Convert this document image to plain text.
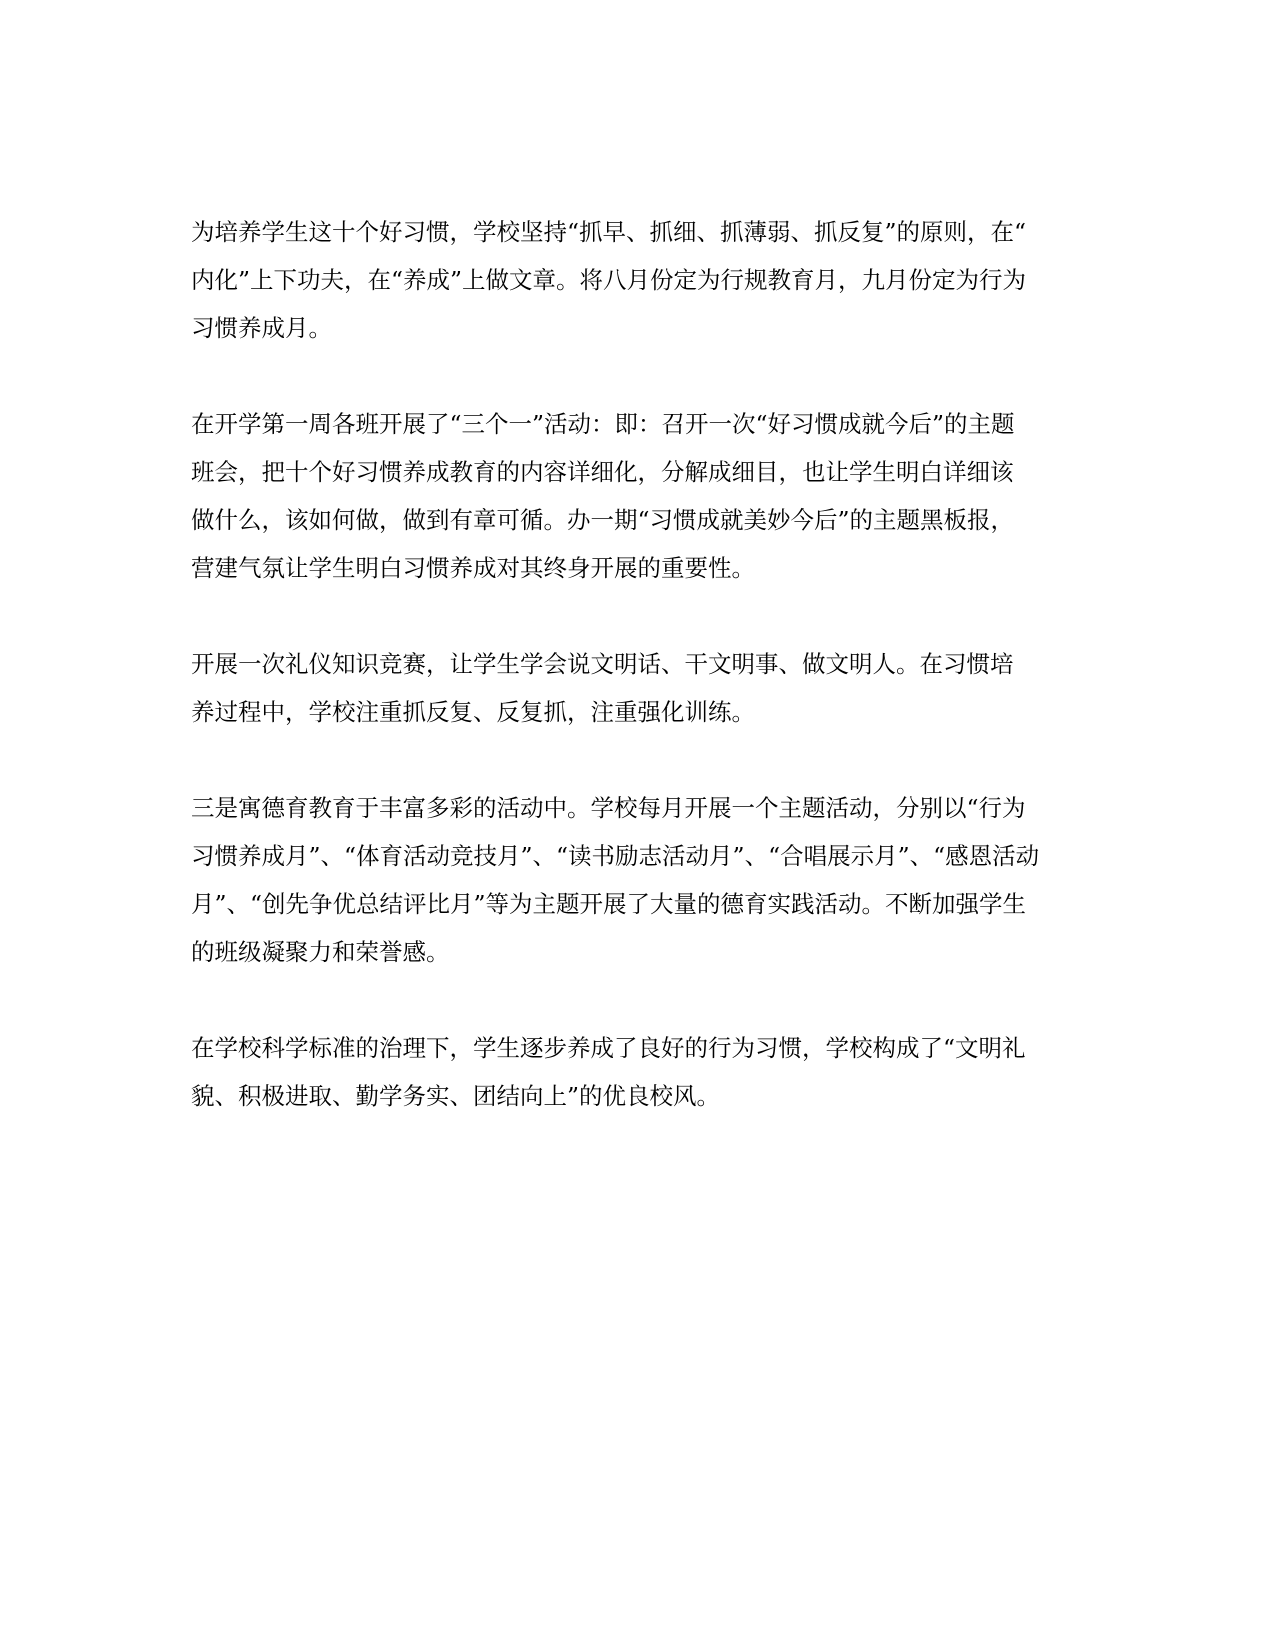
为培养学生这十个好习惯，学校坚持“抓早、抓细、抓薄弱、抓反复”的原则，在“
内化”上下功夫，在“养成”上做文章。将八月份定为行规教育月，九月份定为行为
习惯养成月。

在开学第一周各班开展了“三个一”活动：即：召开一次“好习惯成就今后”的主题
班会，把十个好习惯养成教育的内容详细化，分解成细目，也让学生明白详细该
做什么，该如何做，做到有章可循。办一期“习惯成就美妙今后”的主题黑板报，
营建气氛让学生明白习惯养成对其终身开展的重要性。

开展一次礼仪知识竞赛，让学生学会说文明话、干文明事、做文明人。在习惯培
养过程中，学校注重抓反复、反复抓，注重强化训练。

三是寓德育教育于丰富多彩的活动中。学校每月开展一个主题活动，分别以“行为
习惯养成月”、“体育活动竞技月”、“读书励志活动月”、“合唱展示月”、“感恩活动
月”、“创先争优总结评比月”等为主题开展了大量的德育实践活动。不断加强学生
的班级凝聚力和荣誉感。

在学校科学标准的治理下，学生逐步养成了良好的行为习惯，学校构成了“文明礼
貌、积极进取、勤学务实、团结向上”的优良校风。
